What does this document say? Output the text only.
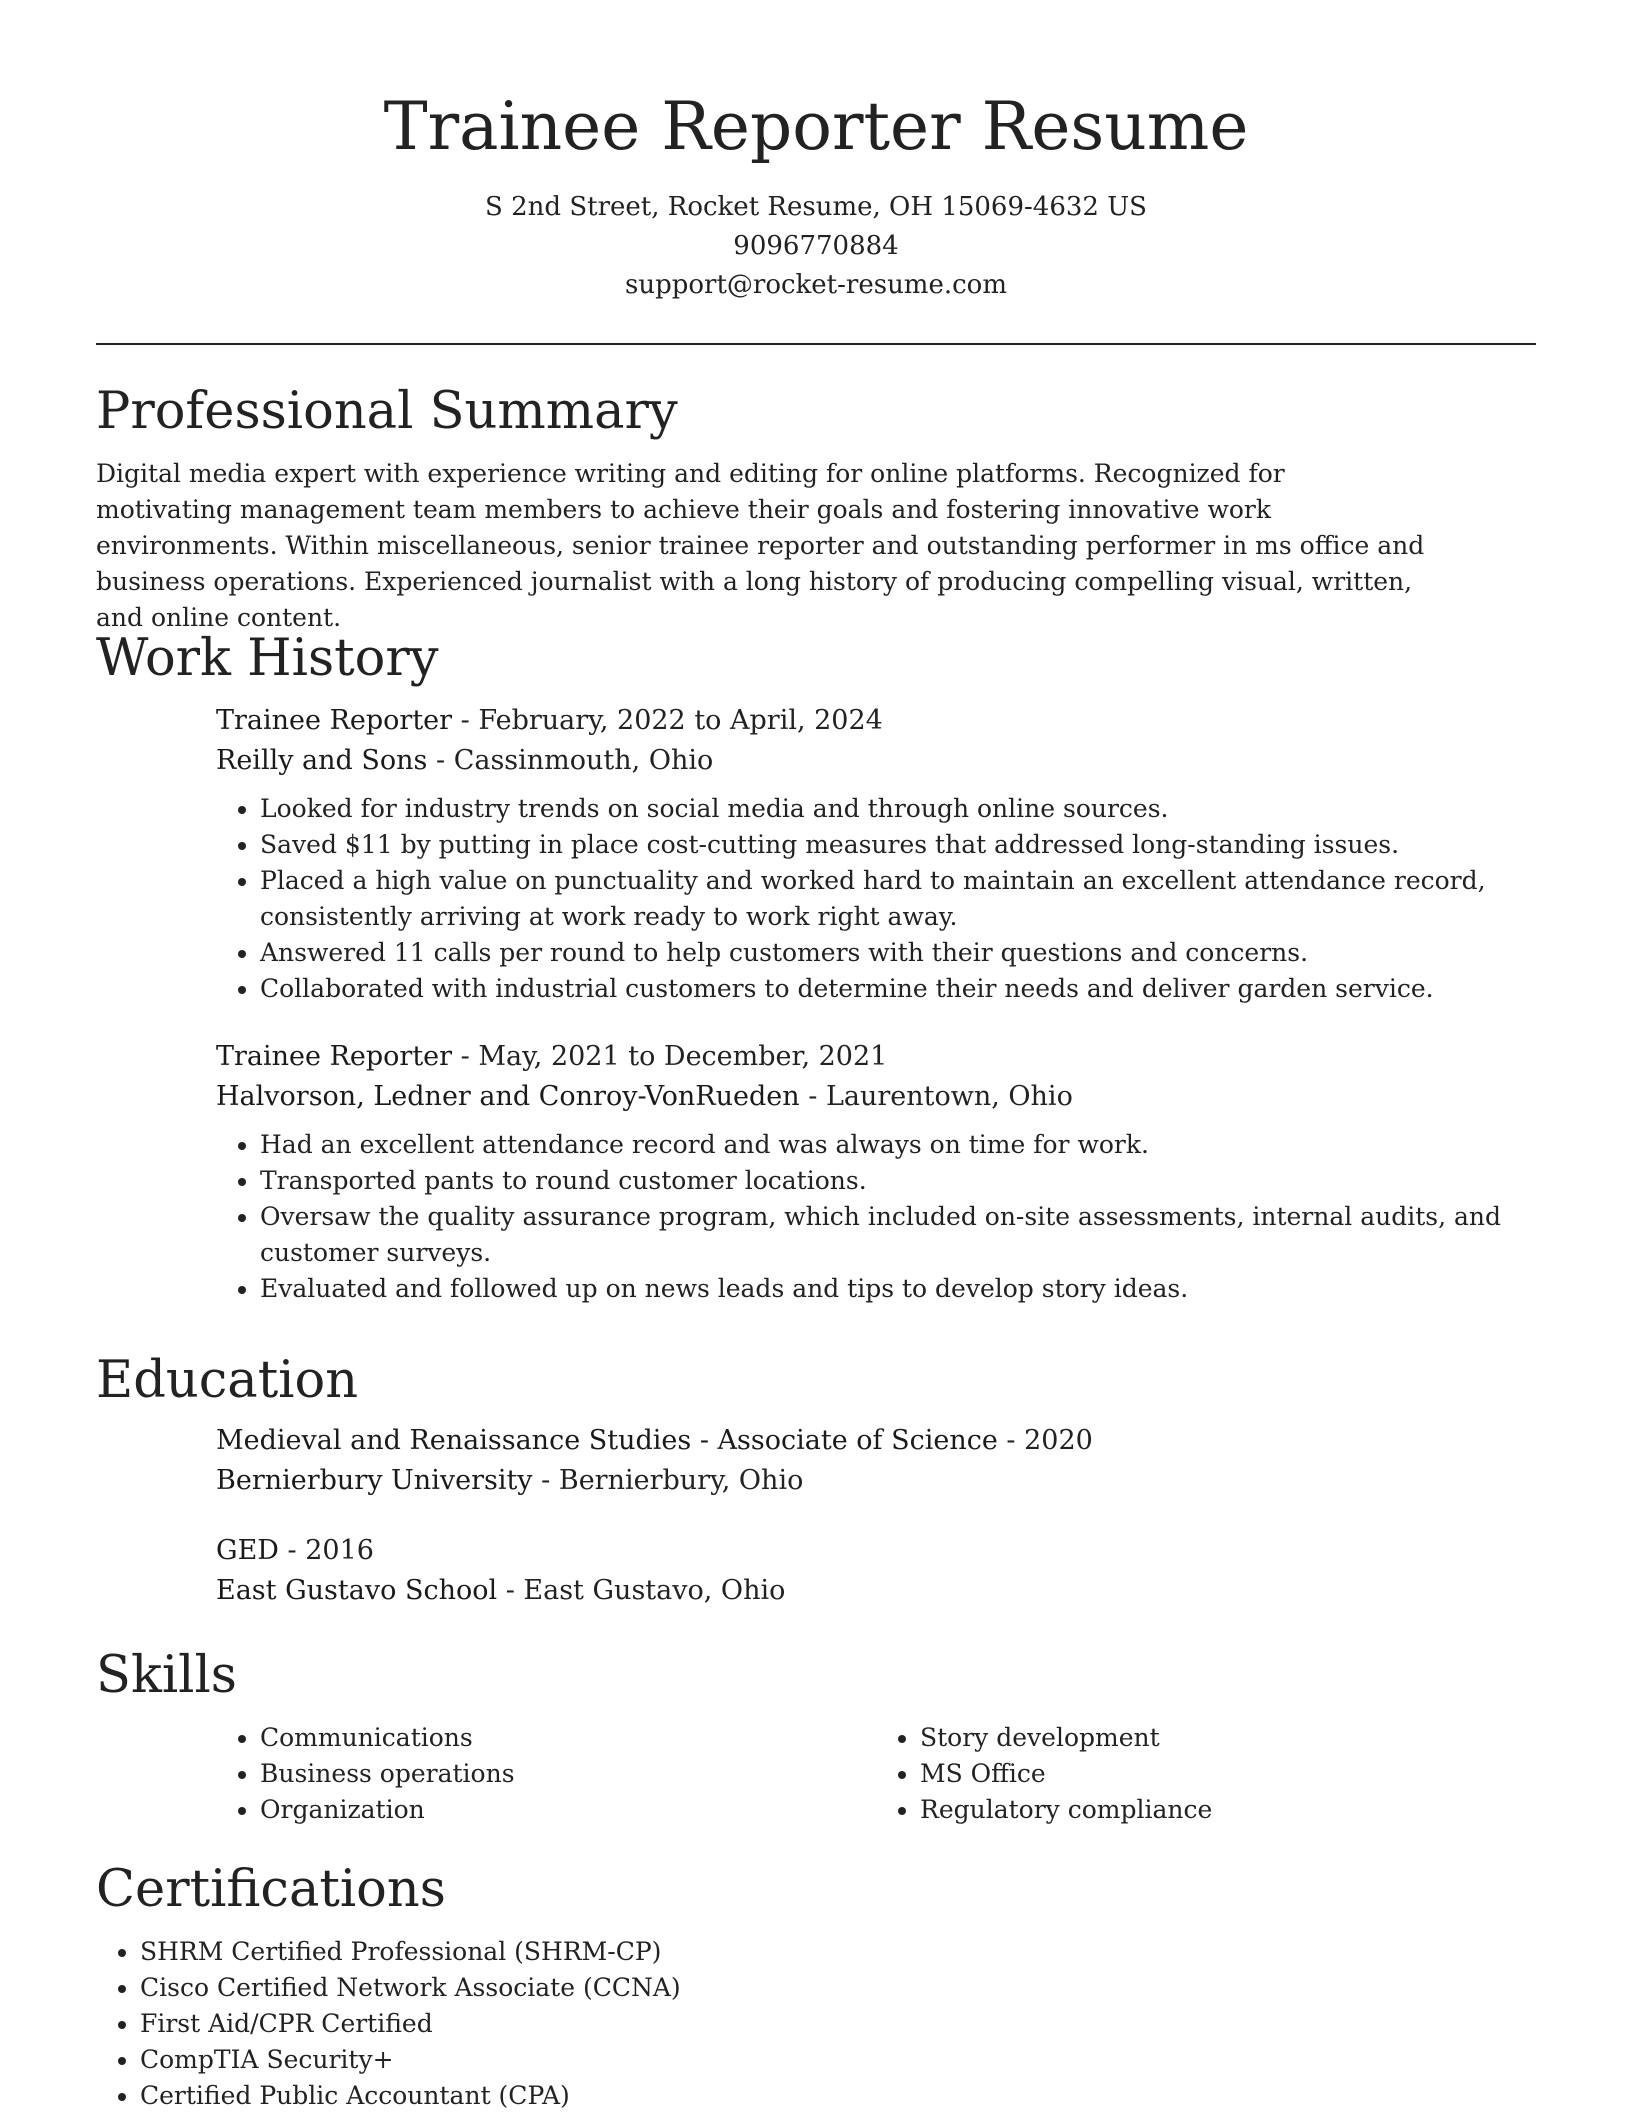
Trainee Reporter Resume
S 2nd Street, Rocket Resume, OH 15069-4632 US
9096770884
support@rocket-resume.com
Professional Summary

Digital media expert with experience writing and editing for online platforms. Recognized for motivating management team members to achieve their goals and fostering innovative work environments. Within miscellaneous, senior trainee reporter and outstanding performer in ms office and business operations. Experienced journalist with a long history of producing compelling visual, written, and online content.

Work History
Trainee Reporter - February, 2022 to April, 2024
Reilly and Sons - Cassinmouth, Ohio
• Looked for industry trends on social media and through online sources.
• Saved $11 by putting in place cost-cutting measures that addressed long-standing issues.
• Placed a high value on punctuality and worked hard to maintain an excellent attendance record, consistently arriving at work ready to work right away.
• Answered 11 calls per round to help customers with their questions and concerns.
• Collaborated with industrial customers to determine their needs and deliver garden service.
Trainee Reporter - May, 2021 to December, 2021
Halvorson, Ledner and Conroy-VonRueden - Laurentown, Ohio
• Had an excellent attendance record and was always on time for work.
• Transported pants to round customer locations.
• Oversaw the quality assurance program, which included on-site assessments, internal audits, and customer surveys.
• Evaluated and followed up on news leads and tips to develop story ideas.
Education
Medieval and Renaissance Studies - Associate of Science - 2020
Bernierbury University - Bernierbury, Ohio
GED - 2016
East Gustavo School - East Gustavo, Ohio
Skills
• Communications
• Business operations
• Organization
• Story development
• MS Office
• Regulatory compliance
Certifications
• SHRM Certified Professional (SHRM-CP)
• Cisco Certified Network Associate (CCNA)
• First Aid/CPR Certified
• CompTIA Security+
• Certified Public Accountant (CPA)
